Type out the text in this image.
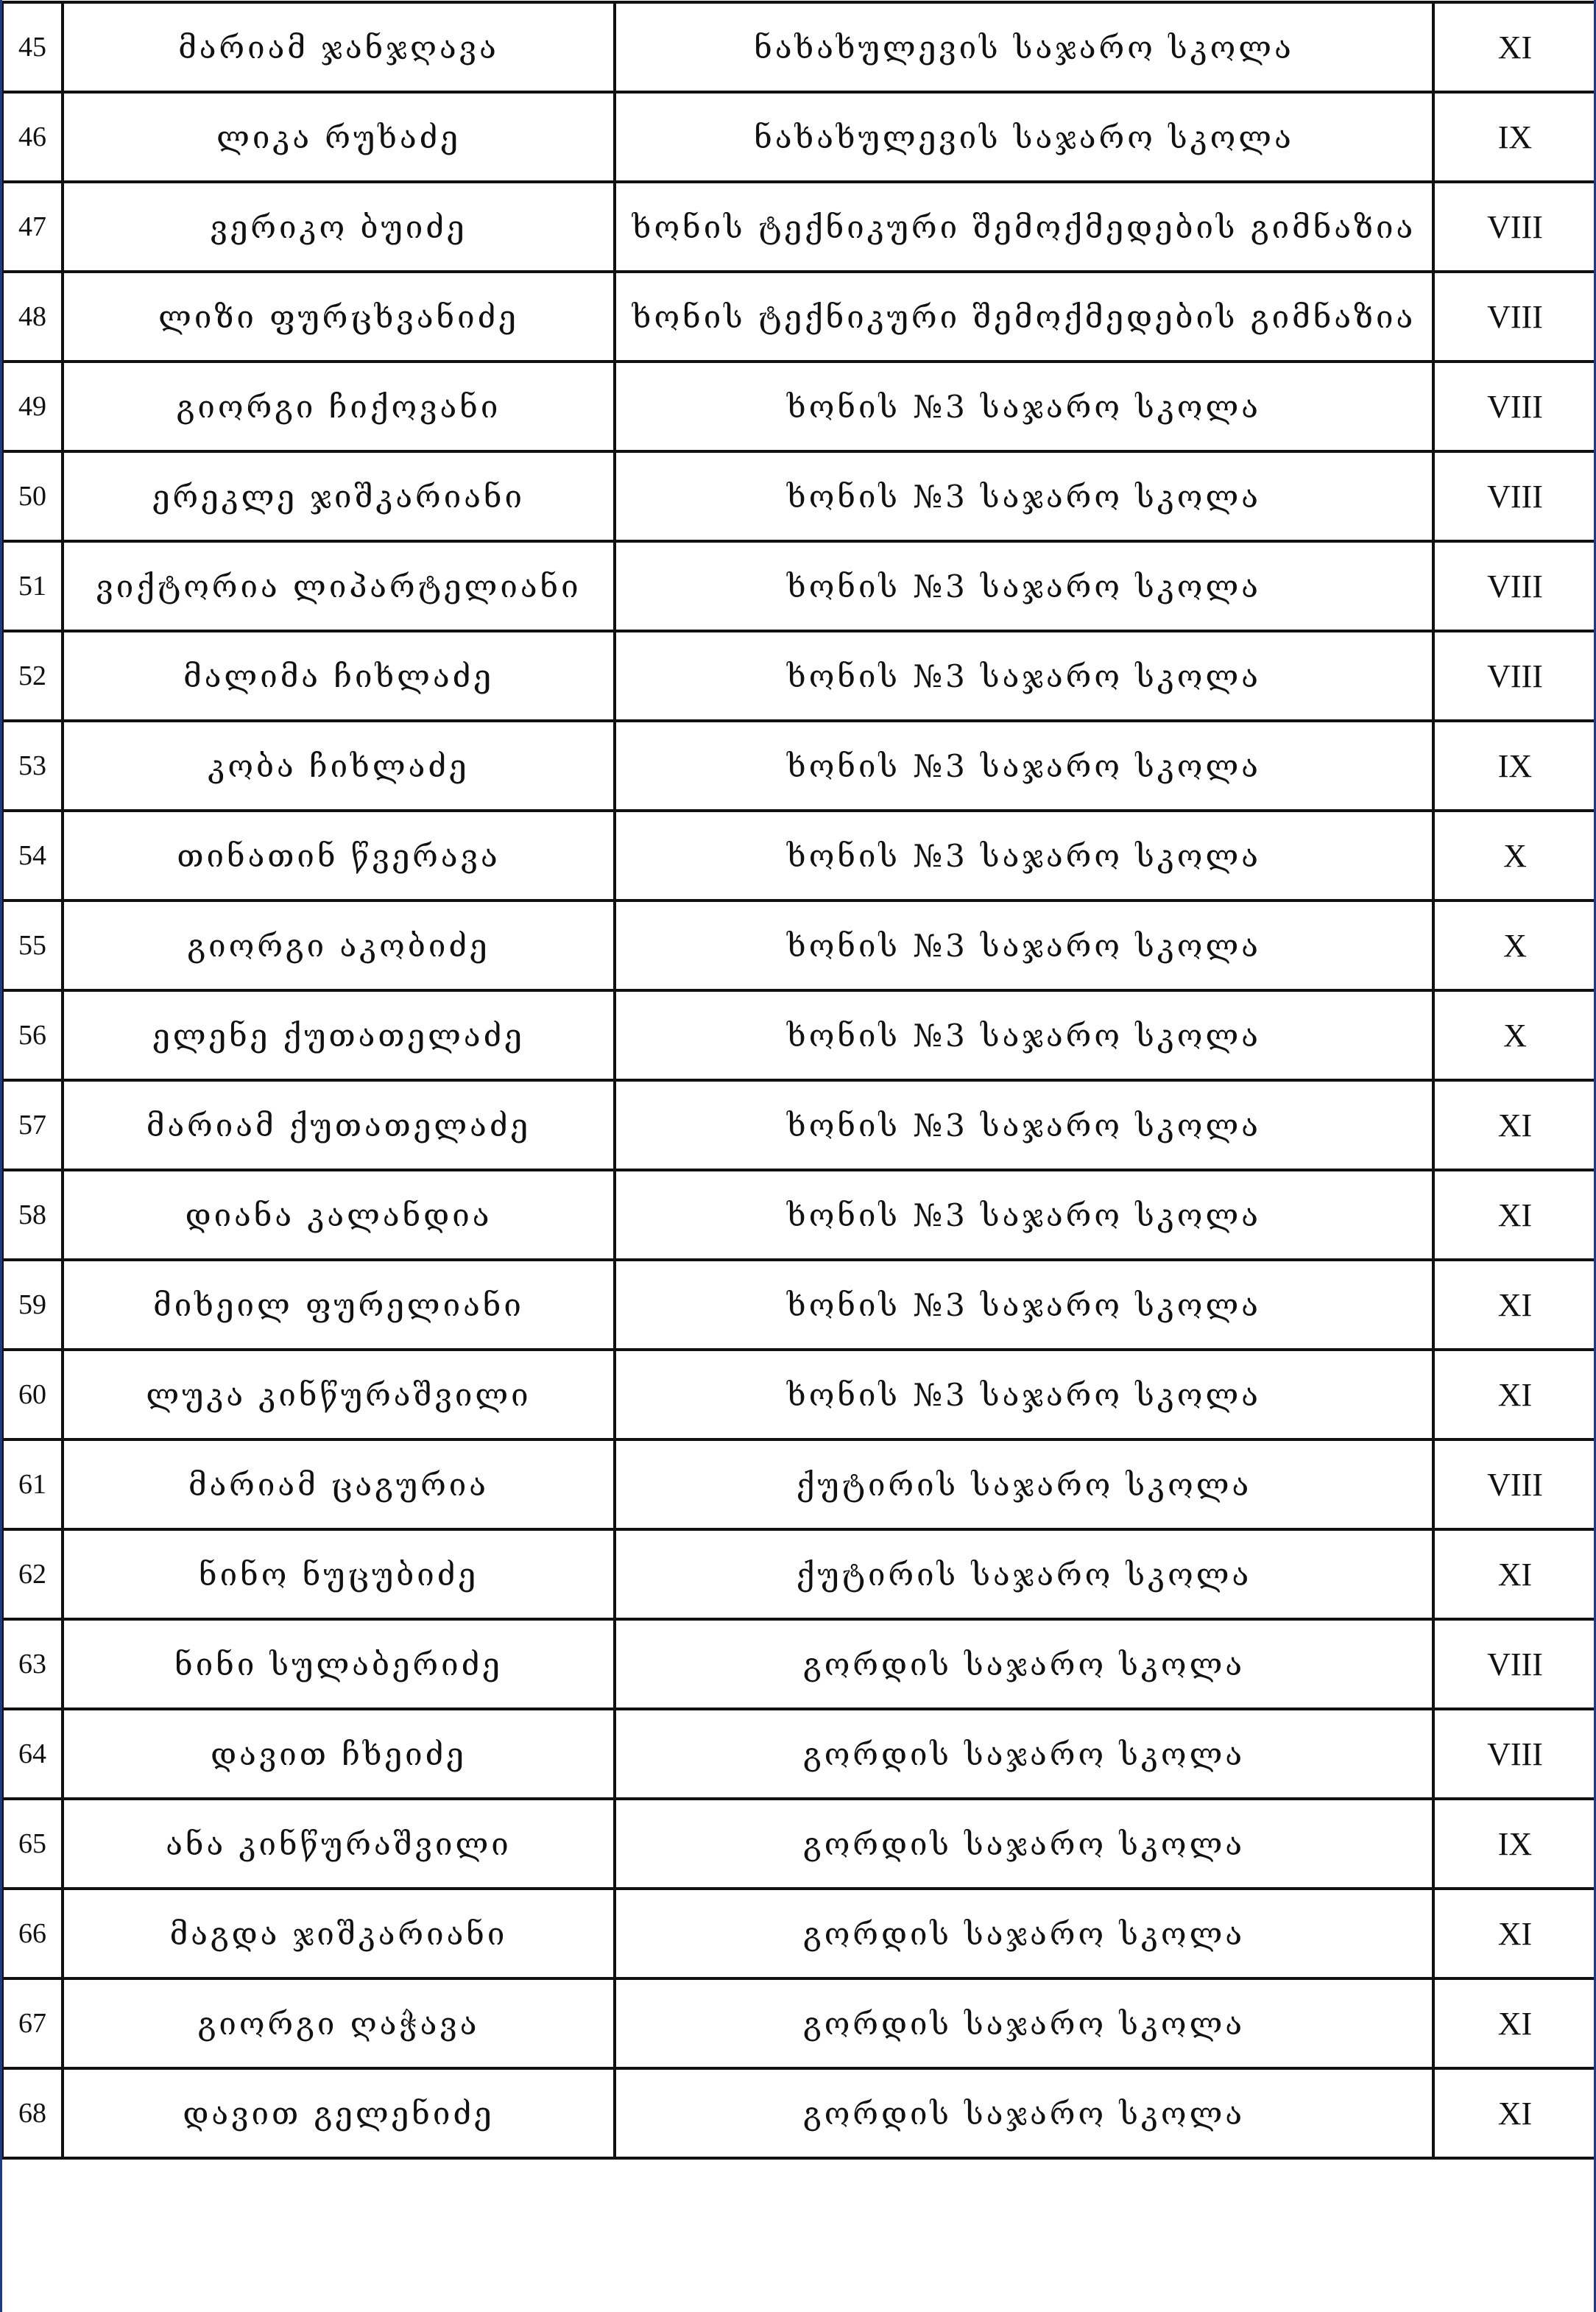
45	მარიამ ჯანჯღავა	ნახახულევის საჯარო სკოლა	XI
46	ლიკა რუხაძე	ნახახულევის საჯარო სკოლა	IX
47	ვერიკო ბუიძე	ხონის ტექნიკური შემოქმედების გიმნაზია	VIII
48	ლიზი ფურცხვანიძე	ხონის ტექნიკური შემოქმედების გიმნაზია	VIII
49	გიორგი ჩიქოვანი	ხონის №3 საჯარო სკოლა	VIII
50	ერეკლე ჯიშკარიანი	ხონის №3 საჯარო სკოლა	VIII
51	ვიქტორია ლიპარტელიანი	ხონის №3 საჯარო სკოლა	VIII
52	მალიმა ჩიხლაძე	ხონის №3 საჯარო სკოლა	VIII
53	კობა ჩიხლაძე	ხონის №3 საჯარო სკოლა	IX
54	თინათინ წვერავა	ხონის №3 საჯარო სკოლა	X
55	გიორგი აკობიძე	ხონის №3 საჯარო სკოლა	X
56	ელენე ქუთათელაძე	ხონის №3 საჯარო სკოლა	X
57	მარიამ ქუთათელაძე	ხონის №3 საჯარო სკოლა	XI
58	დიანა კალანდია	ხონის №3 საჯარო სკოლა	XI
59	მიხეილ ფურელიანი	ხონის №3 საჯარო სკოლა	XI
60	ლუკა კინწურაშვილი	ხონის №3 საჯარო სკოლა	XI
61	მარიამ ცაგურია	ქუტირის საჯარო სკოლა	VIII
62	ნინო ნუცუბიძე	ქუტირის საჯარო სკოლა	XI
63	ნინი სულაბერიძე	გორდის საჯარო სკოლა	VIII
64	დავით ჩხეიძე	გორდის საჯარო სკოლა	VIII
65	ანა კინწურაშვილი	გორდის საჯარო სკოლა	IX
66	მაგდა ჯიშკარიანი	გორდის საჯარო სკოლა	XI
67	გიორგი ღაჭავა	გორდის საჯარო სკოლა	XI
68	დავით გელენიძე	გორდის საჯარო სკოლა	XI
